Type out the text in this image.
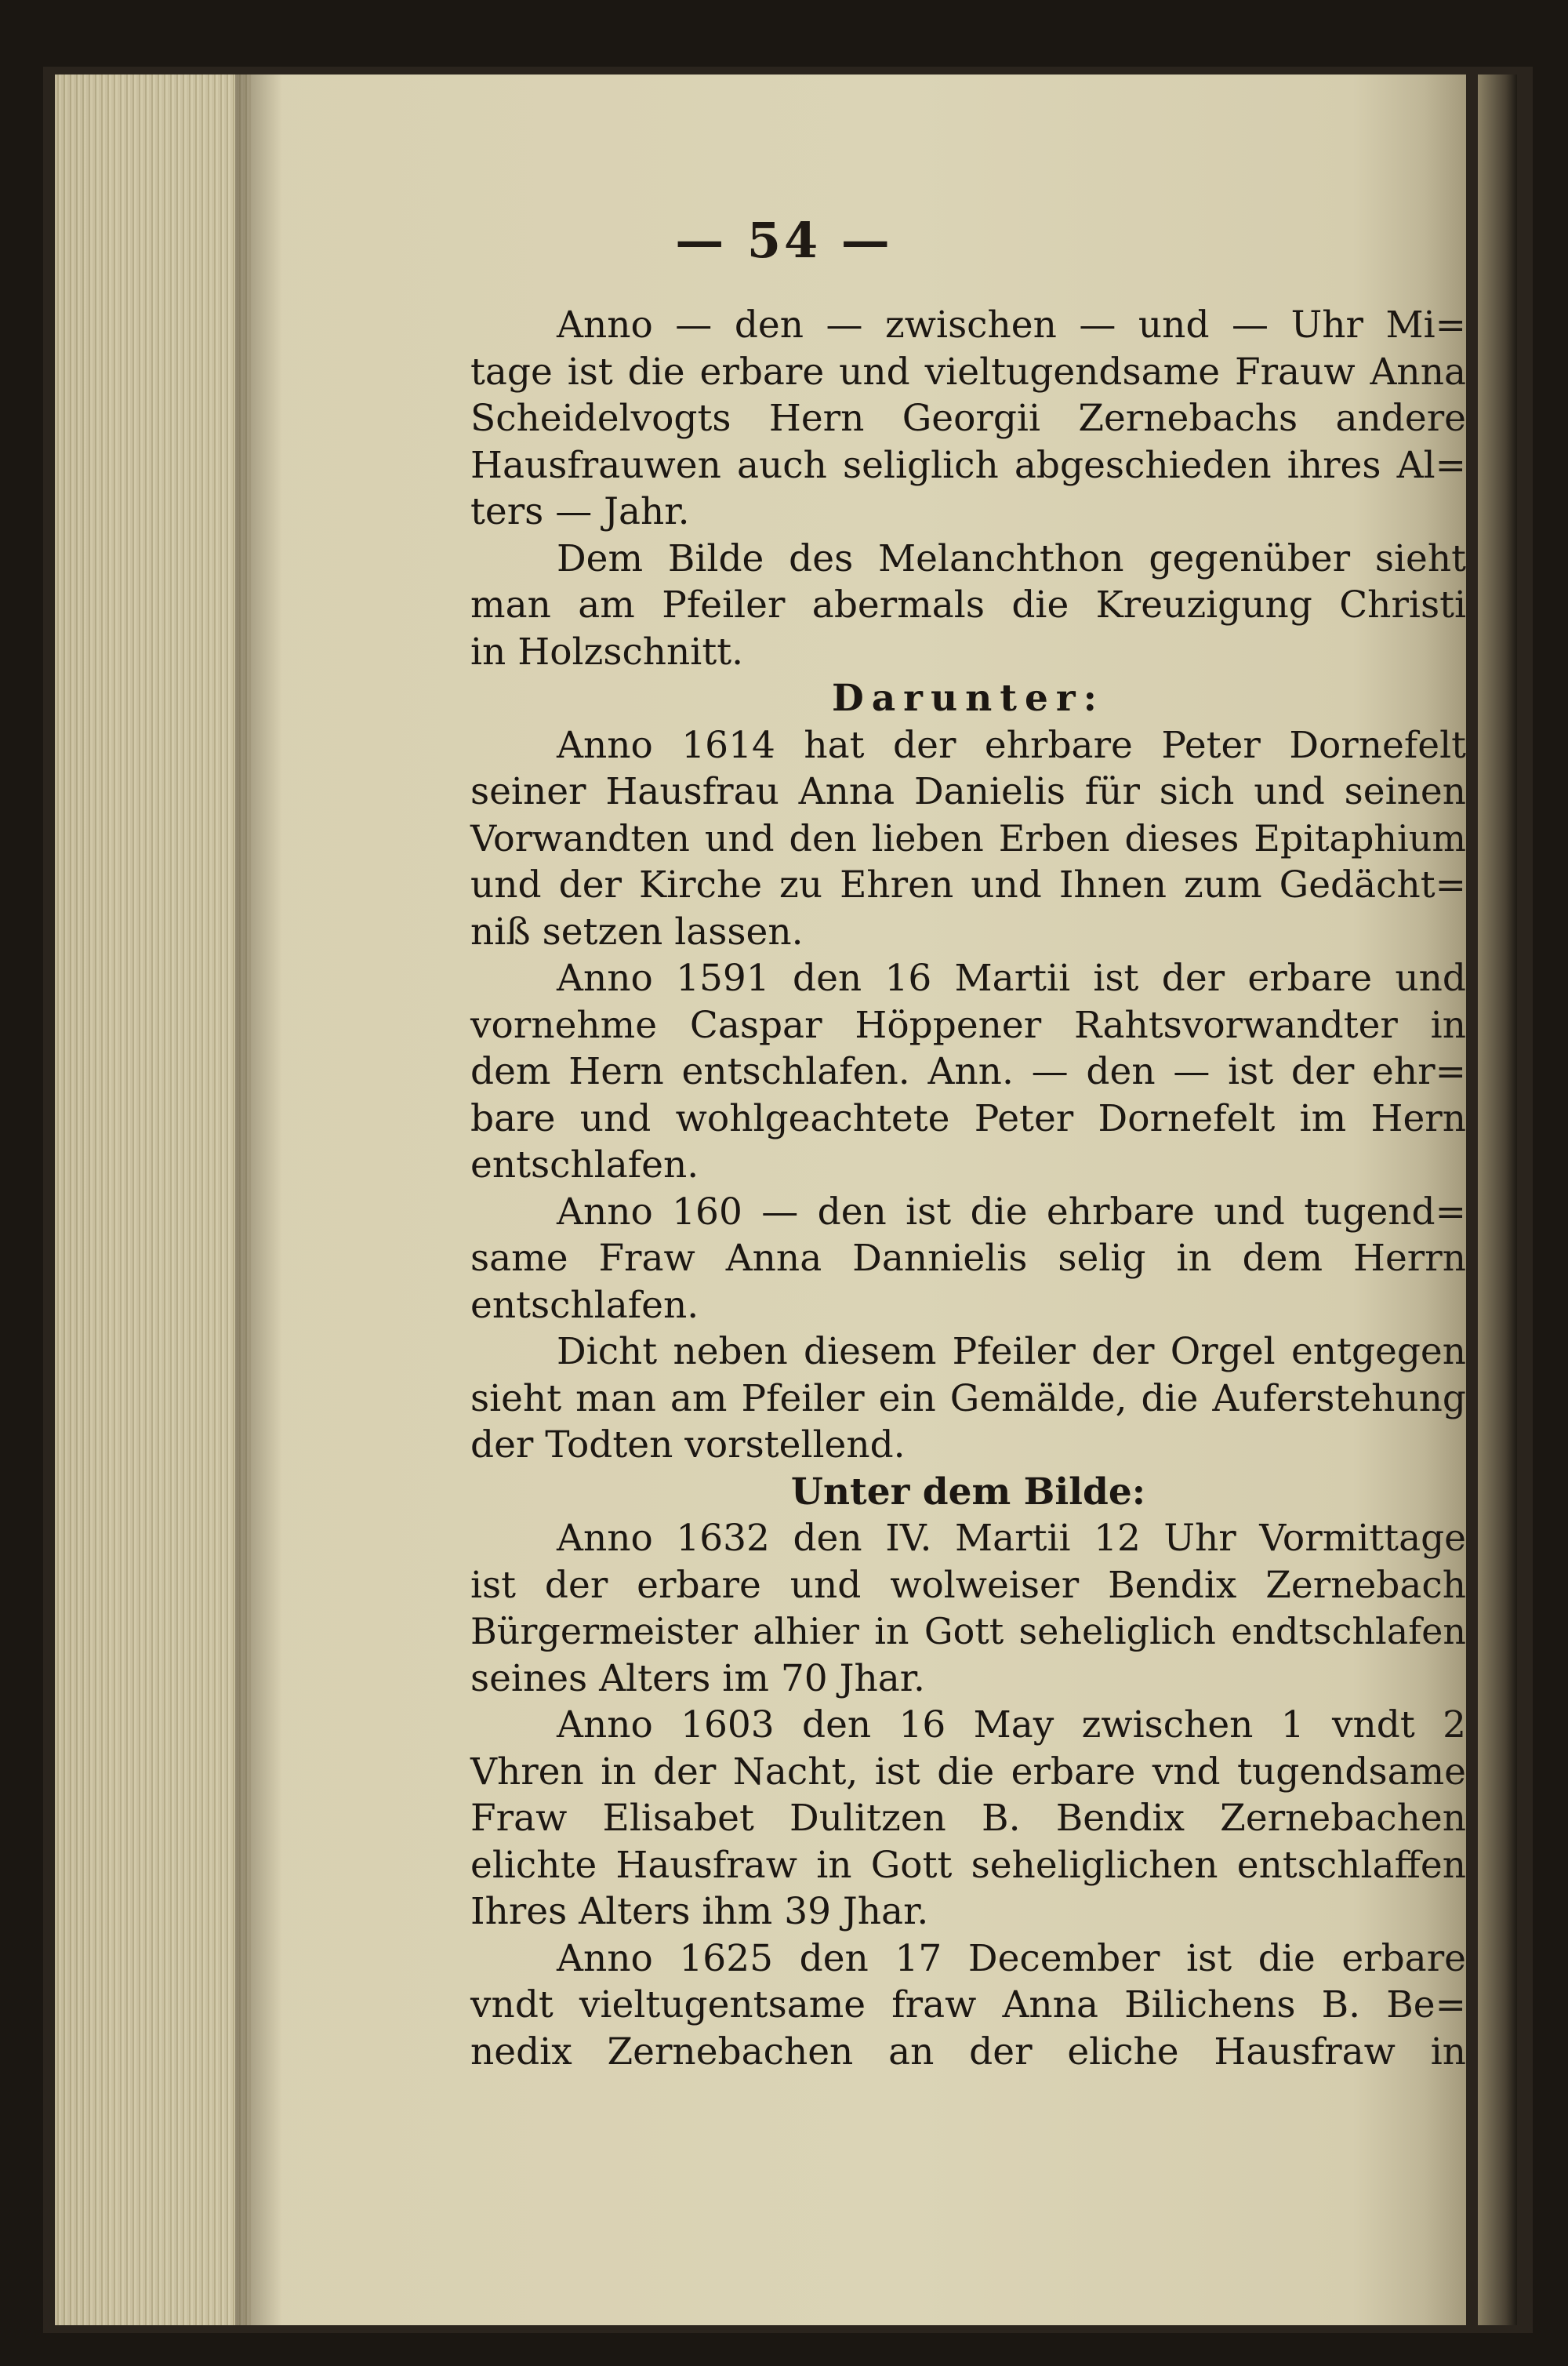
— 54 —
Anno — den — zwischen — und — Uhr Mi=
tage ist die erbare und vieltugendsame Frauw Anna
Scheidelvogts Hern Georgii Zernebachs andere
Hausfrauwen auch seliglich abgeschieden ihres Al=
ters — Jahr.
Dem Bilde des Melanchthon gegenüber sieht
man am Pfeiler abermals die Kreuzigung Christi
in Holzschnitt.
Darunter:
Anno 1614 hat der ehrbare Peter Dornefelt
seiner Hausfrau Anna Danielis für sich und seinen
Vorwandten und den lieben Erben dieses Epitaphium
und der Kirche zu Ehren und Ihnen zum Gedächt=
niß setzen lassen.
Anno 1591 den 16 Martii ist der erbare und
vornehme Caspar Höppener Rahtsvorwandter in
dem Hern entschlafen. Ann. — den — ist der ehr=
bare und wohlgeachtete Peter Dornefelt im Hern
entschlafen.
Anno 160 — den ist die ehrbare und tugend=
same Fraw Anna Dannielis selig in dem Herrn
entschlafen.
Dicht neben diesem Pfeiler der Orgel entgegen
sieht man am Pfeiler ein Gemälde, die Auferstehung
der Todten vorstellend.
Unter dem Bilde:
Anno 1632 den IV. Martii 12 Uhr Vormittage
ist der erbare und wolweiser Bendix Zernebach
Bürgermeister alhier in Gott seheliglich endtschlafen
seines Alters im 70 Jhar.
Anno 1603 den 16 May zwischen 1 vndt 2
Vhren in der Nacht, ist die erbare vnd tugendsame
Fraw Elisabet Dulitzen B. Bendix Zernebachen
elichte Hausfraw in Gott seheliglichen entschlaffen
Ihres Alters ihm 39 Jhar.
Anno 1625 den 17 December ist die erbare
vndt vieltugentsame fraw Anna Bilichens B. Be=
nedix Zernebachen an der eliche Hausfraw in
